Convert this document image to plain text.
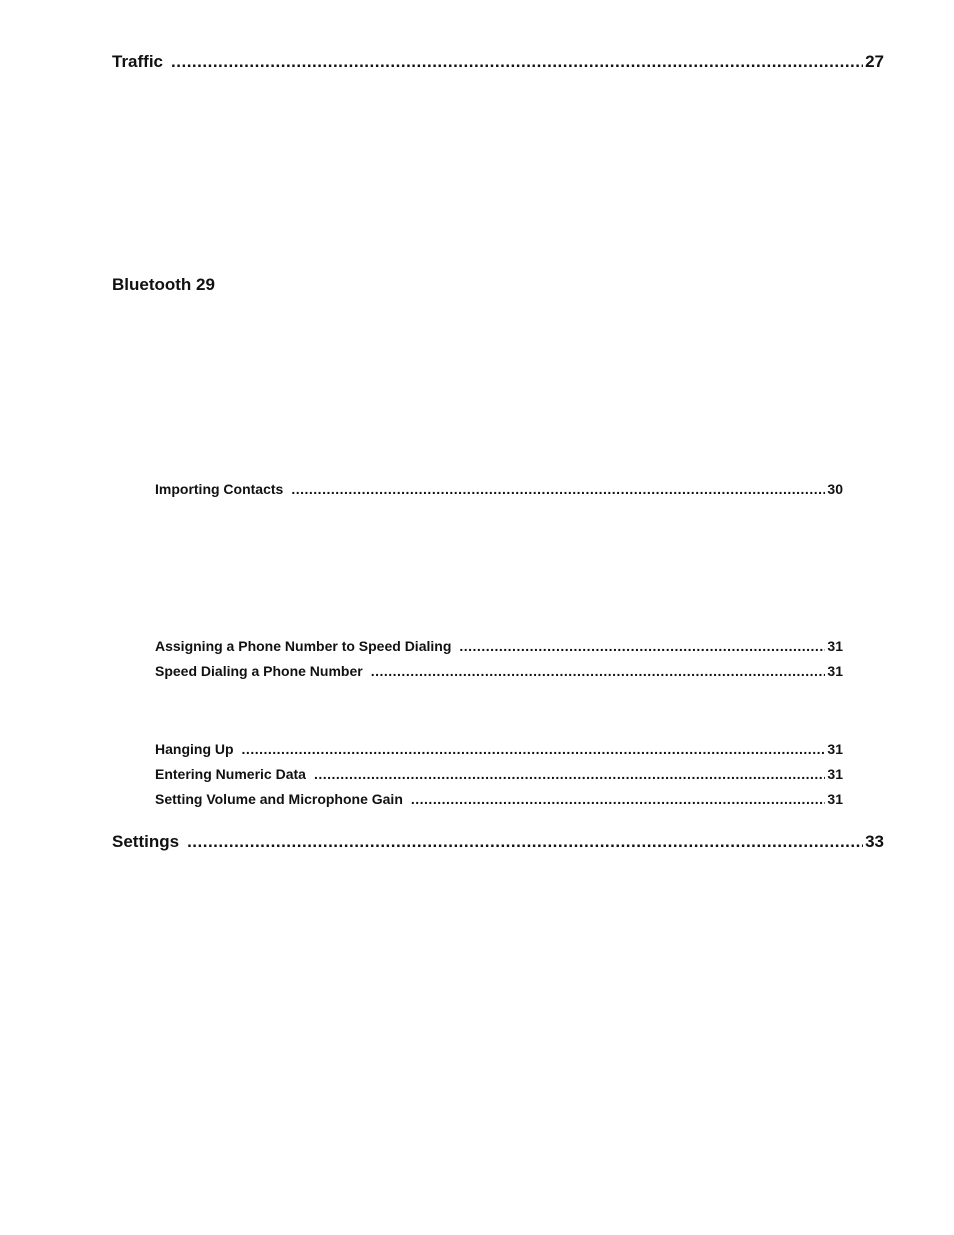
Traffic .....	27
Bluetooth 29
Importing Contacts .....	30
Assigning a Phone Number to Speed Dialing .....	31
Speed Dialing a Phone Number .....	31
Hanging Up .....	31
Entering Numeric Data .....	31
Setting Volume and Microphone Gain .....	31
Settings .....	33
